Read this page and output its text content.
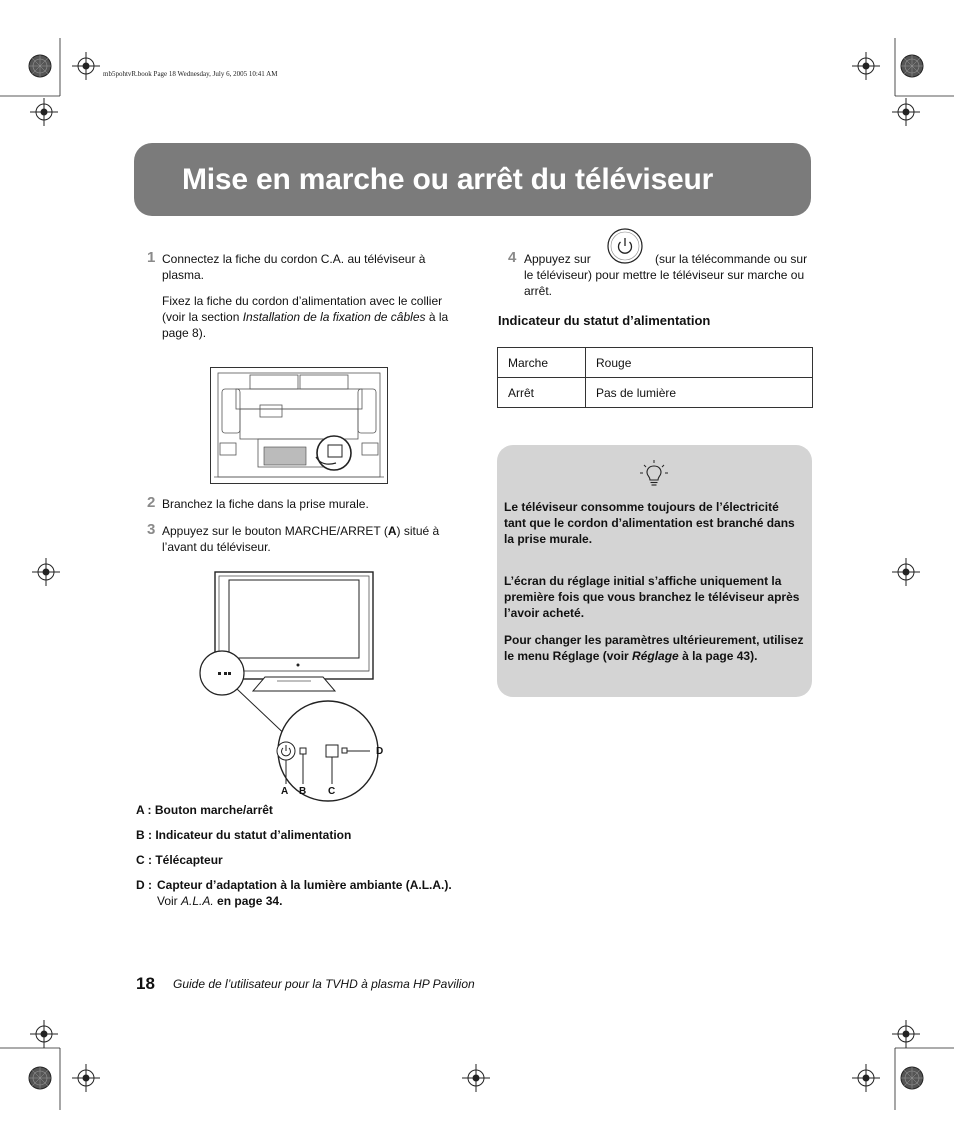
mb5pohtvR.book Page 18 Wednesday, July 6, 2005 10:41 AM
Mise en marche ou arrêt du téléviseur
1 Connectez la fiche du cordon C.A. au téléviseur à plasma.
Fixez la fiche du cordon d’alimentation avec le collier (voir la section Installation de la fixation de câbles à la page 8).
2 Branchez la fiche dans la prise murale.
3 Appuyez sur le bouton MARCHE/ARRET (A) situé à l’avant du téléviseur.
A B C
D
A : Bouton marche/arrêt
B : Indicateur du statut d’alimentation
C : Télécapteur
D : Capteur d’adaptation à la lumière ambiante (A.L.A.). Voir A.L.A. en page 34.
4 Appuyez sur	(sur la télécommande ou sur le téléviseur) pour mettre le téléviseur sur marche ou arrêt.
Indicateur du statut d’alimentation
Marche	Rouge
Arrêt	Pas de lumière

Le téléviseur consomme toujours de l’électricité tant que le cordon d’alimentation est branché dans la prise murale.

L’écran du réglage initial s’affiche uniquement la première fois que vous branchez le téléviseur après l’avoir acheté.

Pour changer les paramètres ultérieurement, utilisez le menu Réglage (voir Réglage à la page 43).

18 Guide de l’utilisateur pour la TVHD à plasma HP Pavilion
